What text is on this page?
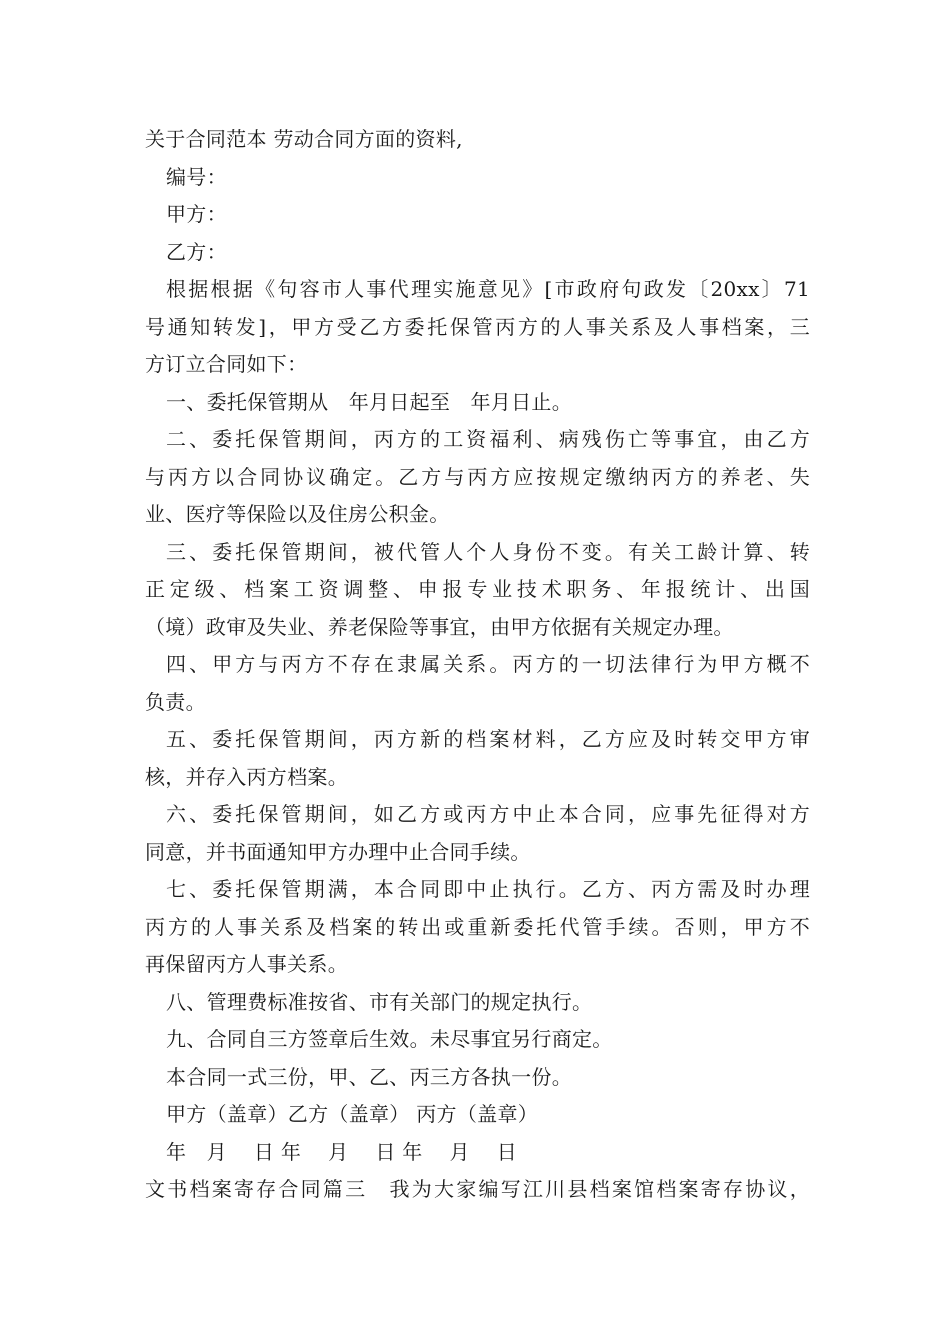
关于合同范本 劳动合同方面的资料,
编号：
甲方：
乙方：
根据根据《句容市人事代理实施意见》[市政府句政发〔20xx〕71
号通知转发]，甲方受乙方委托保管丙方的人事关系及人事档案，三
方订立合同如下：
一、委托保管期从　年月日起至　年月日止。
二、委托保管期间，丙方的工资福利、病残伤亡等事宜，由乙方
与丙方以合同协议确定。乙方与丙方应按规定缴纳丙方的养老、失
业、医疗等保险以及住房公积金。
三、委托保管期间，被代管人个人身份不变。有关工龄计算、转
正定级、档案工资调整、申报专业技术职务、年报统计、出国
（境）政审及失业、养老保险等事宜，由甲方依据有关规定办理。
四、甲方与丙方不存在隶属关系。丙方的一切法律行为甲方概不
负责。
五、委托保管期间，丙方新的档案材料，乙方应及时转交甲方审
核，并存入丙方档案。
六、委托保管期间，如乙方或丙方中止本合同，应事先征得对方
同意，并书面通知甲方办理中止合同手续。
七、委托保管期满，本合同即中止执行。乙方、丙方需及时办理
丙方的人事关系及档案的转出或重新委托代管手续。否则，甲方不
再保留丙方人事关系。
八、管理费标准按省、市有关部门的规定执行。
九、合同自三方签章后生效。未尽事宜另行商定。
本合同一式三份，甲、乙、丙三方各执一份。
甲方（盖章）乙方（盖章） 丙方（盖章）
年　月　 日 年　 月　 日 年　 月　 日
文书档案寄存合同篇三　我为大家编写江川县档案馆档案寄存协议，
